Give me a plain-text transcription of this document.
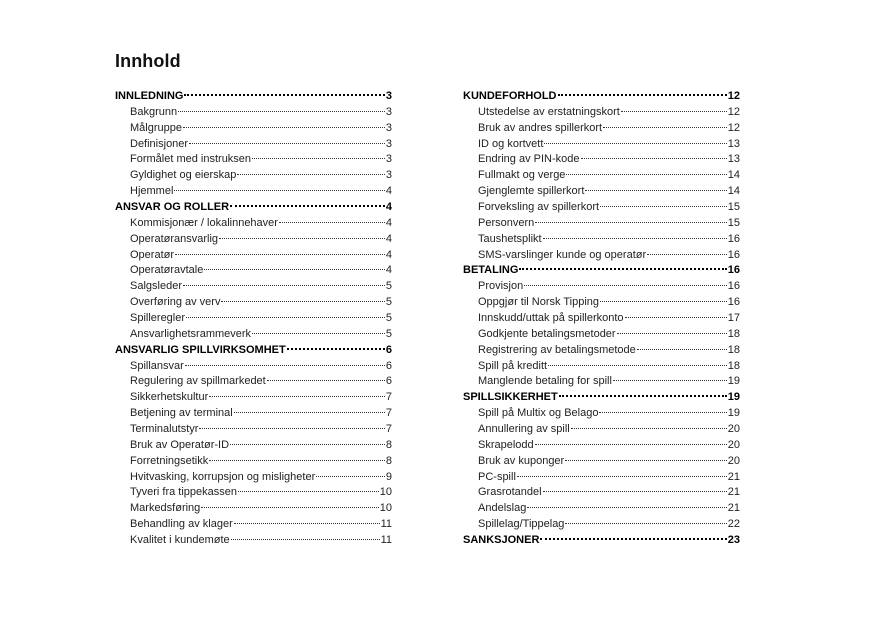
Innhold
INNLEDNING	3
Bakgrunn	3
Målgruppe	3
Definisjoner	3
Formålet med instruksen	3
Gyldighet og eierskap	3
Hjemmel	4
ANSVAR OG ROLLER	4
Kommisjonær / lokalinnehaver	4
Operatøransvarlig	4
Operatør	4
Operatøravtale	4
Salgsleder	5
Overføring av verv	5
Spilleregler	5
Ansvarlighetsrammeverk	5
ANSVARLIG SPILLVIRKSOMHET	6
Spillansvar	6
Regulering av spillmarkedet	6
Sikkerhetskultur	7
Betjening av terminal	7
Terminalutstyr	7
Bruk av Operatør-ID	8
Forretningsetikk	8
Hvitvasking, korrupsjon og misligheter	9
Tyveri fra tippekassen	10
Markedsføring	10
Behandling av klager	11
Kvalitet i kundemøte	11
KUNDEFORHOLD	12
Utstedelse av erstatningskort	12
Bruk av andres spillerkort	12
ID og kortvett	13
Endring av PIN-kode	13
Fullmakt og verge	14
Gjenglemte spillerkort	14
Forveksling av spillerkort	15
Personvern	15
Taushetsplikt	16
SMS-varslinger kunde og operatør	16
BETALING	16
Provisjon	16
Oppgjør til Norsk Tipping	16
Innskudd/uttak på spillerkonto	17
Godkjente betalingsmetoder	18
Registrering av betalingsmetode	18
Spill på kreditt	18
Manglende betaling for spill	19
SPILLSIKKERHET	19
Spill på Multix og Belago	19
Annullering av spill	20
Skrapelodd	20
Bruk av kuponger	20
PC-spill	21
Grasrotandel	21
Andelslag	21
Spillelag/Tippelag	22
SANKSJONER	23
